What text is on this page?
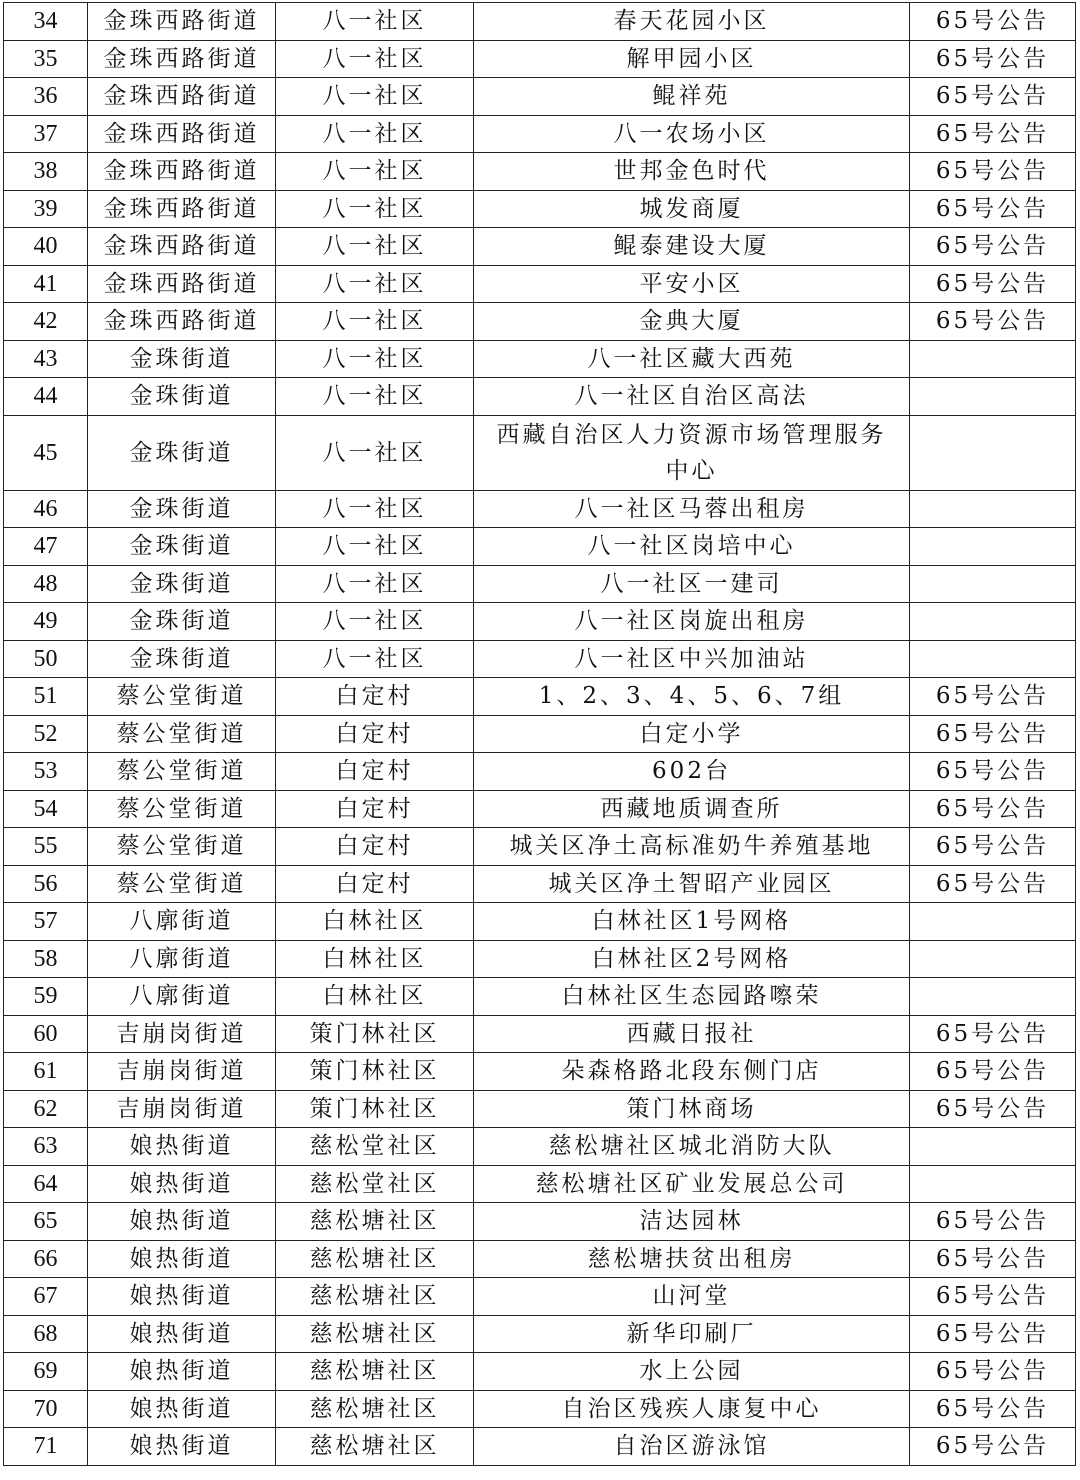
34	金珠西路街道	八一社区	春天花园小区	65号公告
35	金珠西路街道	八一社区	解甲园小区	65号公告
36	金珠西路街道	八一社区	鲲祥苑	65号公告
37	金珠西路街道	八一社区	八一农场小区	65号公告
38	金珠西路街道	八一社区	世邦金色时代	65号公告
39	金珠西路街道	八一社区	城发商厦	65号公告
40	金珠西路街道	八一社区	鲲泰建设大厦	65号公告
41	金珠西路街道	八一社区	平安小区	65号公告
42	金珠西路街道	八一社区	金典大厦	65号公告
43	金珠街道	八一社区	八一社区藏大西苑	
44	金珠街道	八一社区	八一社区自治区高法	
45	金珠街道	八一社区	西藏自治区人力资源市场管理服务中心	
46	金珠街道	八一社区	八一社区马蓉出租房	
47	金珠街道	八一社区	八一社区岗培中心	
48	金珠街道	八一社区	八一社区一建司	
49	金珠街道	八一社区	八一社区岗旋出租房	
50	金珠街道	八一社区	八一社区中兴加油站	
51	蔡公堂街道	白定村	1、2、3、4、5、6、7组	65号公告
52	蔡公堂街道	白定村	白定小学	65号公告
53	蔡公堂街道	白定村	602台	65号公告
54	蔡公堂街道	白定村	西藏地质调查所	65号公告
55	蔡公堂街道	白定村	城关区净土高标准奶牛养殖基地	65号公告
56	蔡公堂街道	白定村	城关区净土智昭产业园区	65号公告
57	八廓街道	白林社区	白林社区1号网格	
58	八廓街道	白林社区	白林社区2号网格	
59	八廓街道	白林社区	白林社区生态园路嚓荣	
60	吉崩岗街道	策门林社区	西藏日报社	65号公告
61	吉崩岗街道	策门林社区	朵森格路北段东侧门店	65号公告
62	吉崩岗街道	策门林社区	策门林商场	65号公告
63	娘热街道	慈松堂社区	慈松塘社区城北消防大队	
64	娘热街道	慈松堂社区	慈松塘社区矿业发展总公司	
65	娘热街道	慈松塘社区	洁达园林	65号公告
66	娘热街道	慈松塘社区	慈松塘扶贫出租房	65号公告
67	娘热街道	慈松塘社区	山河堂	65号公告
68	娘热街道	慈松塘社区	新华印刷厂	65号公告
69	娘热街道	慈松塘社区	水上公园	65号公告
70	娘热街道	慈松塘社区	自治区残疾人康复中心	65号公告
71	娘热街道	慈松塘社区	自治区游泳馆	65号公告
